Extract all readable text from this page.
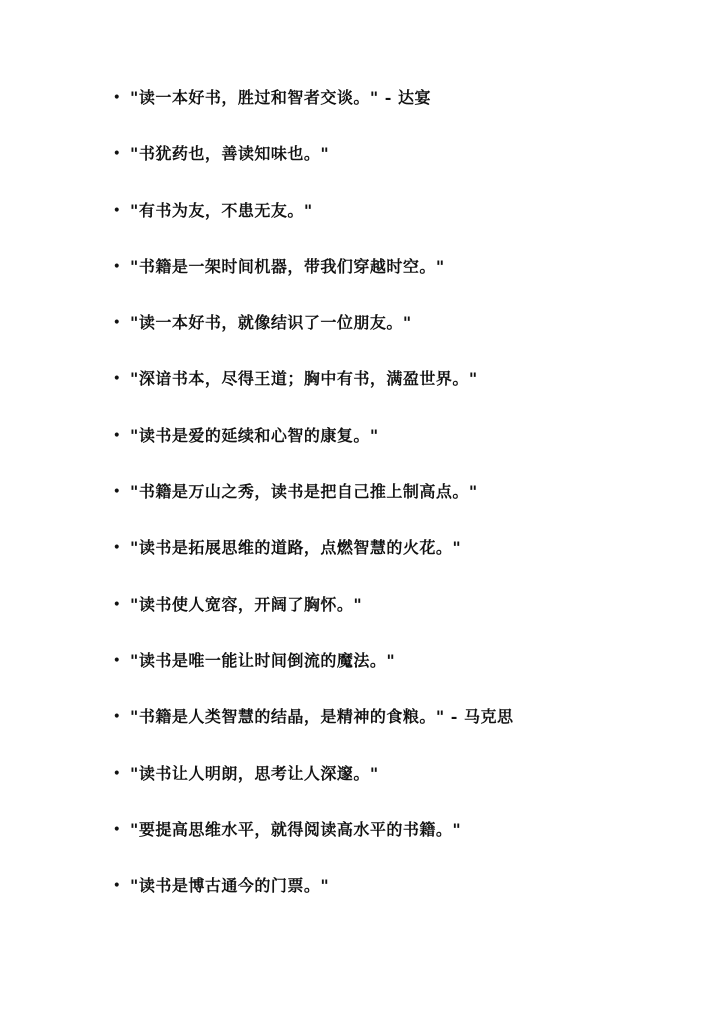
• "读一本好书，胜过和智者交谈。" - 达宴
• "书犹药也，善读知味也。"
• "有书为友，不患无友。"
• "书籍是一架时间机器，带我们穿越时空。"
• "读一本好书，就像结识了一位朋友。"
• "深谙书本，尽得王道；胸中有书，满盈世界。"
• "读书是爱的延续和心智的康复。"
• "书籍是万山之秀，读书是把自己推上制高点。"
• "读书是拓展思维的道路，点燃智慧的火花。"
• "读书使人宽容，开阔了胸怀。"
• "读书是唯一能让时间倒流的魔法。"
• "书籍是人类智慧的结晶，是精神的食粮。" - 马克思
• "读书让人明朗，思考让人深邃。"
• "要提高思维水平，就得阅读高水平的书籍。"
• "读书是博古通今的门票。"
